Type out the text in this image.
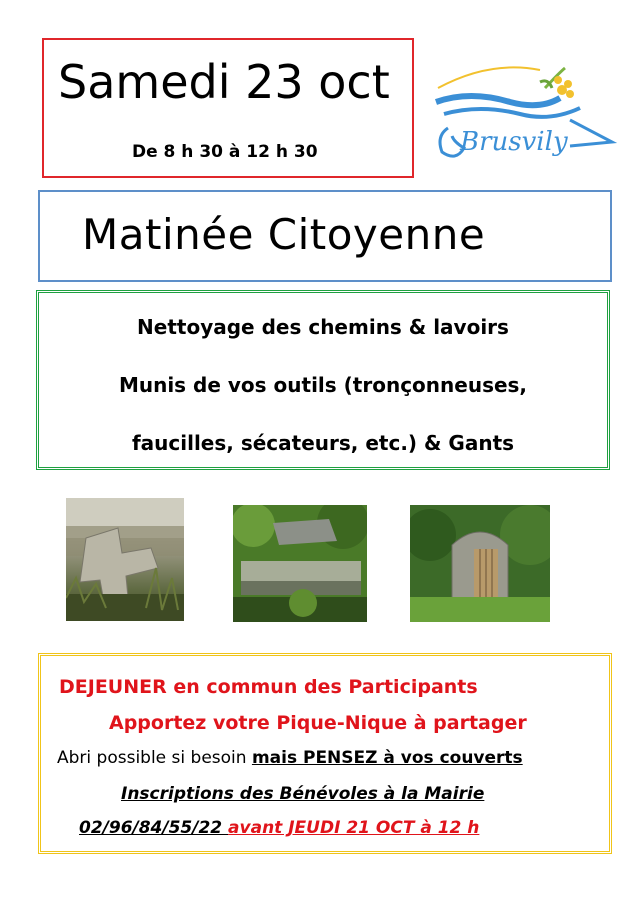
Samedi 23 oct
De 8 h 30 à 12 h 30	Brusvily
Matinée Citoyenne
Nettoyage des chemins & lavoirs
Munis de vos outils (tronçonneuses,
faucilles, sécateurs, etc.) & Gants
DEJEUNER en commun des Participants
Apportez votre Pique-Nique à partager
Abri possible si besoin mais PENSEZ à vos couverts
Inscriptions des Bénévoles à la Mairie
02/96/84/55/22 avant JEUDI 21 OCT à 12 h
